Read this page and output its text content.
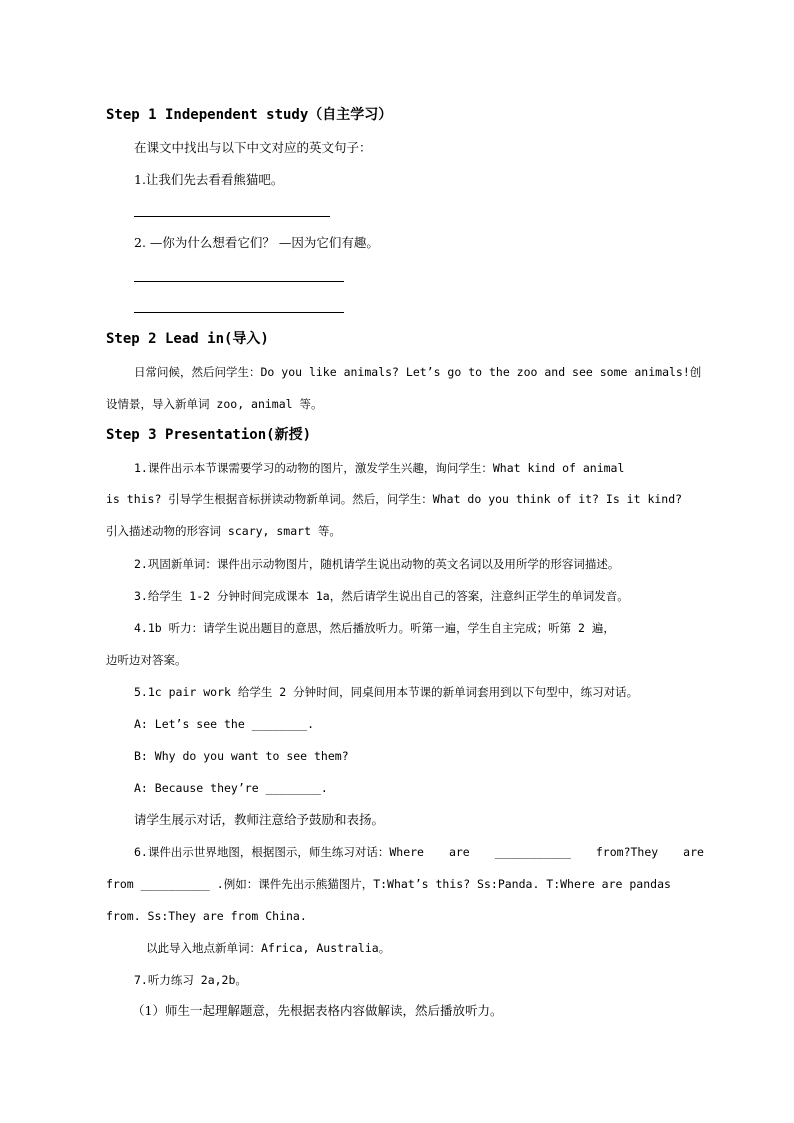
Step 1 Independent study（自主学习）

在课文中找出与以下中文对应的英文句子：

1.让我们先去看看熊猫吧。

2. —你为什么想看它们？ —因为它们有趣。

Step 2 Lead in(导入)

日常问候，然后问学生：Do you like animals? Let’s go to the zoo and see some animals!创

设情景，导入新单词 zoo, animal 等。

Step 3 Presentation(新授)

1.课件出示本节课需要学习的动物的图片，激发学生兴趣，询问学生：What kind of animal

is this? 引导学生根据音标拼读动物新单词。然后，问学生：What do you think of it? Is it kind?

引入描述动物的形容词 scary, smart 等。

2.巩固新单词：课件出示动物图片，随机请学生说出动物的英文名词以及用所学的形容词描述。

3.给学生 1-2 分钟时间完成课本 1a，然后请学生说出自己的答案，注意纠正学生的单词发音。

4.1b 听力：请学生说出题目的意思，然后播放听力。听第一遍，学生自主完成；听第 2 遍，

边听边对答案。

5.1c pair work 给学生 2 分钟时间，同桌间用本节课的新单词套用到以下句型中，练习对话。

A: Let’s see the ________.

B: Why do you want to see them?

A: Because they’re ________.

请学生展示对话，教师注意给予鼓励和表扬。

6.课件出示世界地图，根据图示，师生练习对话：Where are ___________ from?They are

from __________ .例如：课件先出示熊猫图片，T:What’s this? Ss:Panda. T:Where are pandas

from. Ss:They are from China.

以此导入地点新单词：Africa, Australia。

7.听力练习 2a,2b。

（1）师生一起理解题意，先根据表格内容做解读，然后播放听力。
